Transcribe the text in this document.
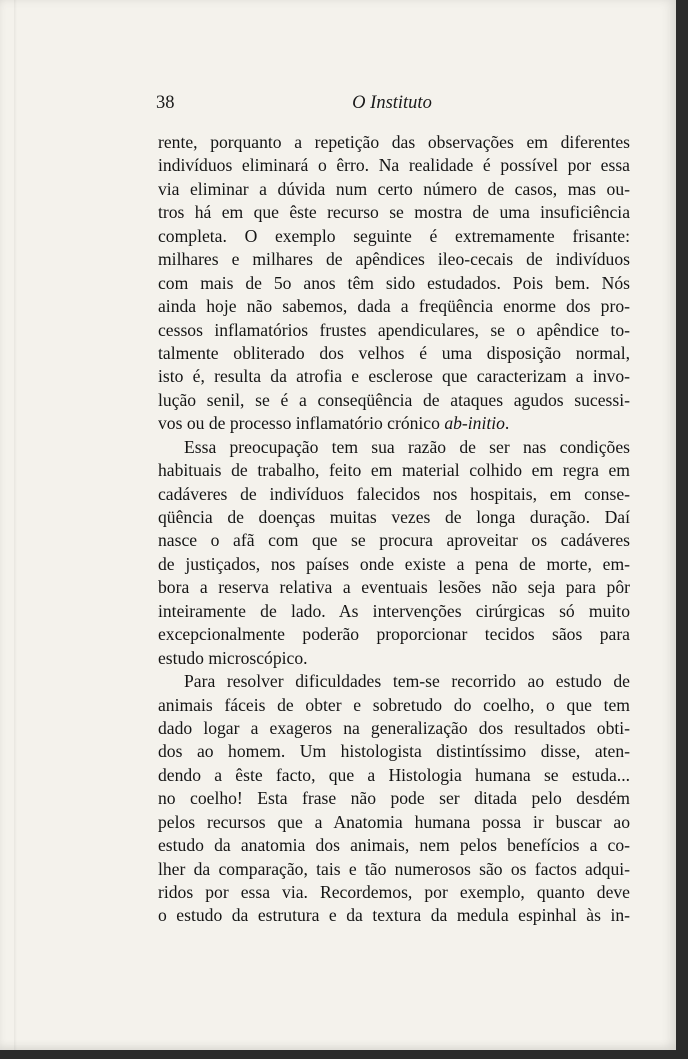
38	O Instituto
rente, porquanto a repetição das observações em diferentes
indivíduos eliminará o êrro. Na realidade é possível por essa
via eliminar a dúvida num certo número de casos, mas ou-
tros há em que êste recurso se mostra de uma insuficiência
completa. O exemplo seguinte é extremamente frisante:
milhares e milhares de apêndices ileo-cecais de indivíduos
com mais de 5o anos têm sido estudados. Pois bem. Nós
ainda hoje não sabemos, dada a freqüência enorme dos pro-
cessos inflamatórios frustes apendiculares, se o apêndice to-
talmente obliterado dos velhos é uma disposição normal,
isto é, resulta da atrofia e esclerose que caracterizam a invo-
lução senil, se é a conseqüência de ataques agudos sucessi-
vos ou de processo inflamatório crónico ab-initio.
Essa preocupação tem sua razão de ser nas condições
habituais de trabalho, feito em material colhido em regra em
cadáveres de indivíduos falecidos nos hospitais, em conse-
qüência de doenças muitas vezes de longa duração. Daí
nasce o afã com que se procura aproveitar os cadáveres
de justiçados, nos países onde existe a pena de morte, em-
bora a reserva relativa a eventuais lesões não seja para pôr
inteiramente de lado. As intervenções cirúrgicas só muito
excepcionalmente poderão proporcionar tecidos sãos para
estudo microscópico.
Para resolver dificuldades tem-se recorrido ao estudo de
animais fáceis de obter e sobretudo do coelho, o que tem
dado logar a exageros na generalização dos resultados obti-
dos ao homem. Um histologista distintíssimo disse, aten-
dendo a êste facto, que a Histologia humana se estuda...
no coelho! Esta frase não pode ser ditada pelo desdém
pelos recursos que a Anatomia humana possa ir buscar ao
estudo da anatomia dos animais, nem pelos benefícios a co-
lher da comparação, tais e tão numerosos são os factos adqui-
ridos por essa via. Recordemos, por exemplo, quanto deve
o estudo da estrutura e da textura da medula espinhal às in-
